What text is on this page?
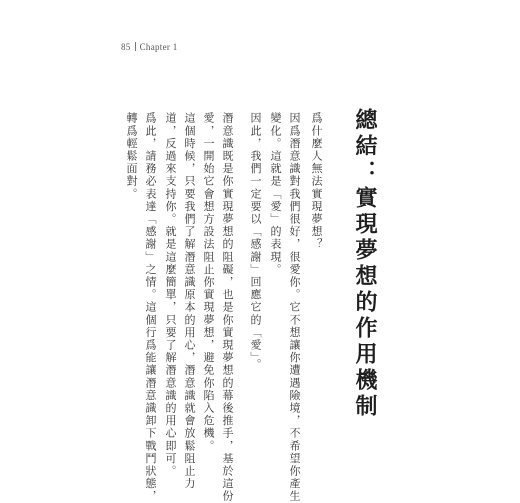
85 Chapter 1
總結：實現夢想的作用機制
爲什麼人無法實現夢想？
因爲潛意識對我們很好，很愛你。它不想讓你遭遇險境，不希望你產生
變化。這就是「愛」的表現。
因此，我們一定要以「感謝」回應它的「愛」。
潛意識既是你實現夢想的阻礙，也是你實現夢想的幕後推手，基於這份
愛，一開始它會想方設法阻止你實現夢想，避免你陷入危機。
這個時候，只要我們了解潛意識原本的用心，潛意識就會放鬆阻止力
道，反過來支持你。就是這麼簡單，只要了解潛意識的用心即可。
爲此，請務必表達「感謝」之情。這個行爲能讓潛意識卸下戰鬥狀態，
轉爲輕鬆面對。
